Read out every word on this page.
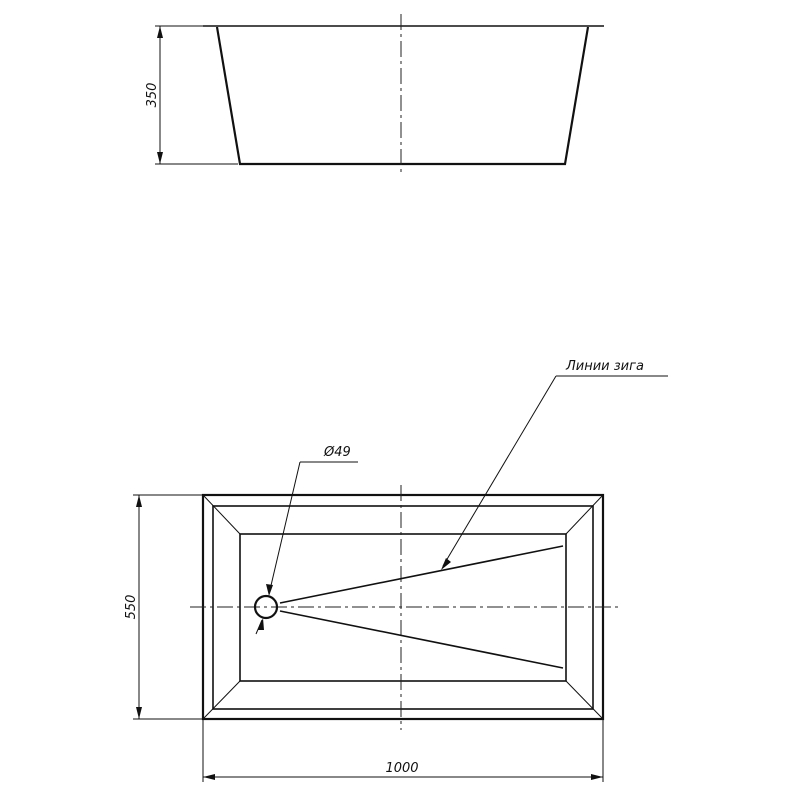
350
Ø49
Линии зига
550
1000
